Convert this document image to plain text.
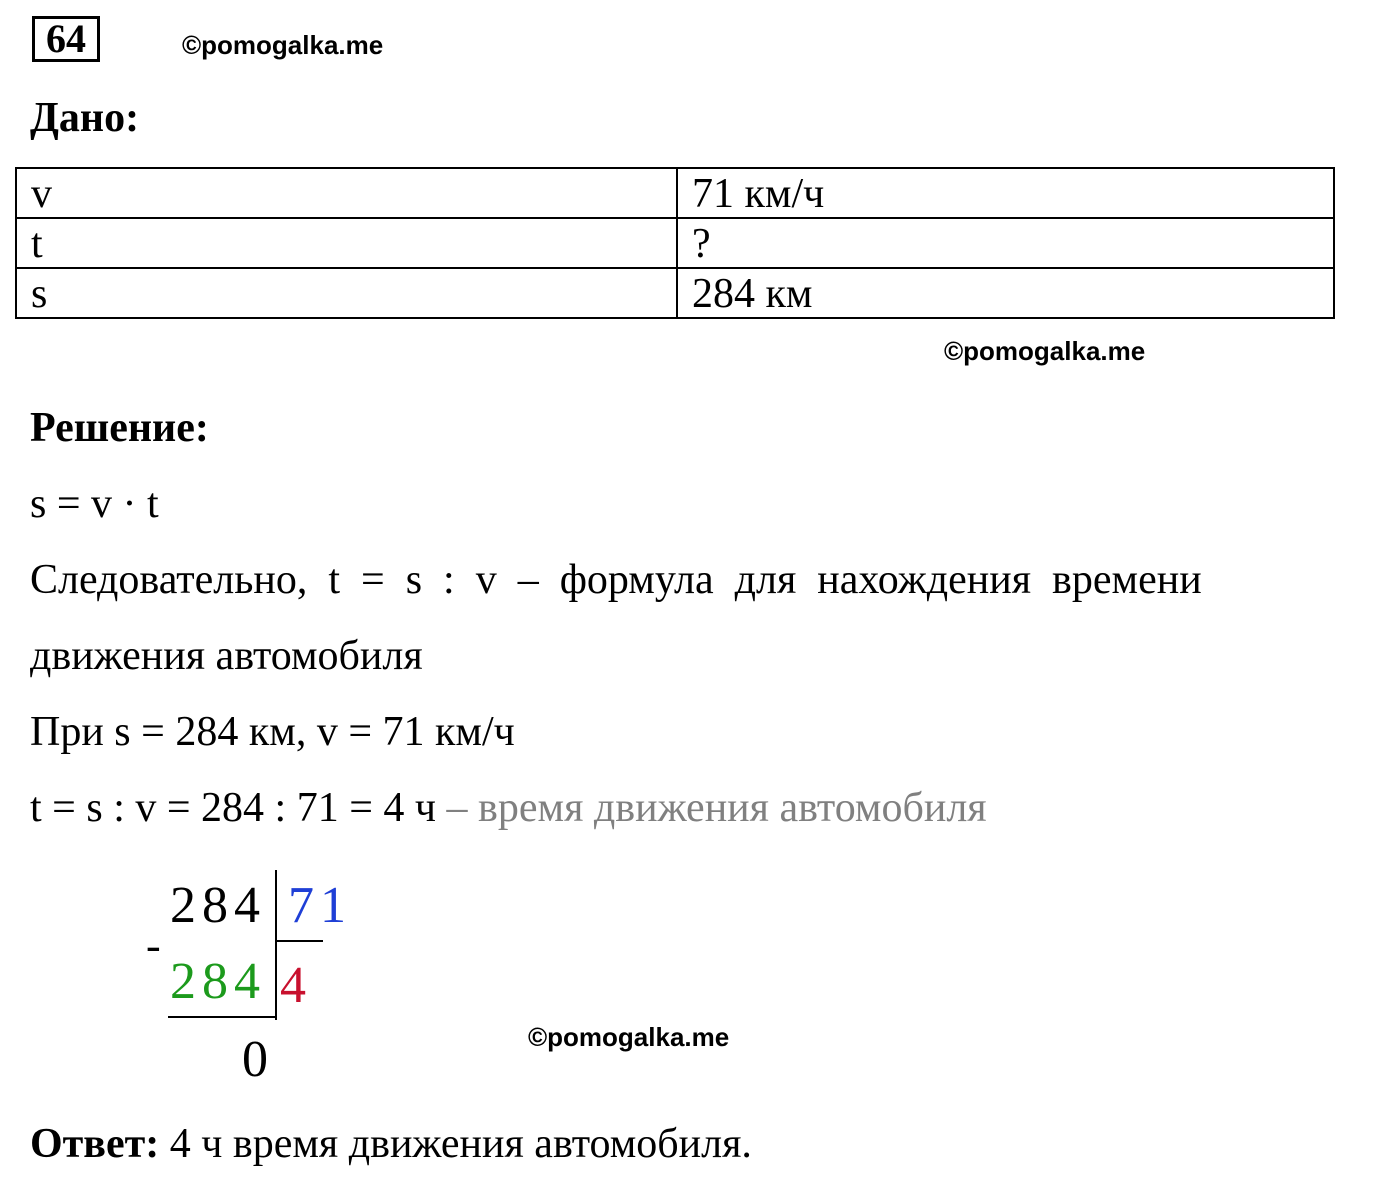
64	©pomogalka.me
Дано:
v	71 км/ч
t	?
s	284 км
©pomogalka.me
Решение:
s = v · t
Следовательно,  t  =  s  :  v  –  формула  для  нахождения  времени
движения автомобиля
При s = 284 км, v = 71 км/ч
t = s : v = 284 : 71 = 4 ч – время движения автомобиля
284 71
-
284 4
0	©pomogalka.me
Ответ: 4 ч время движения автомобиля.
